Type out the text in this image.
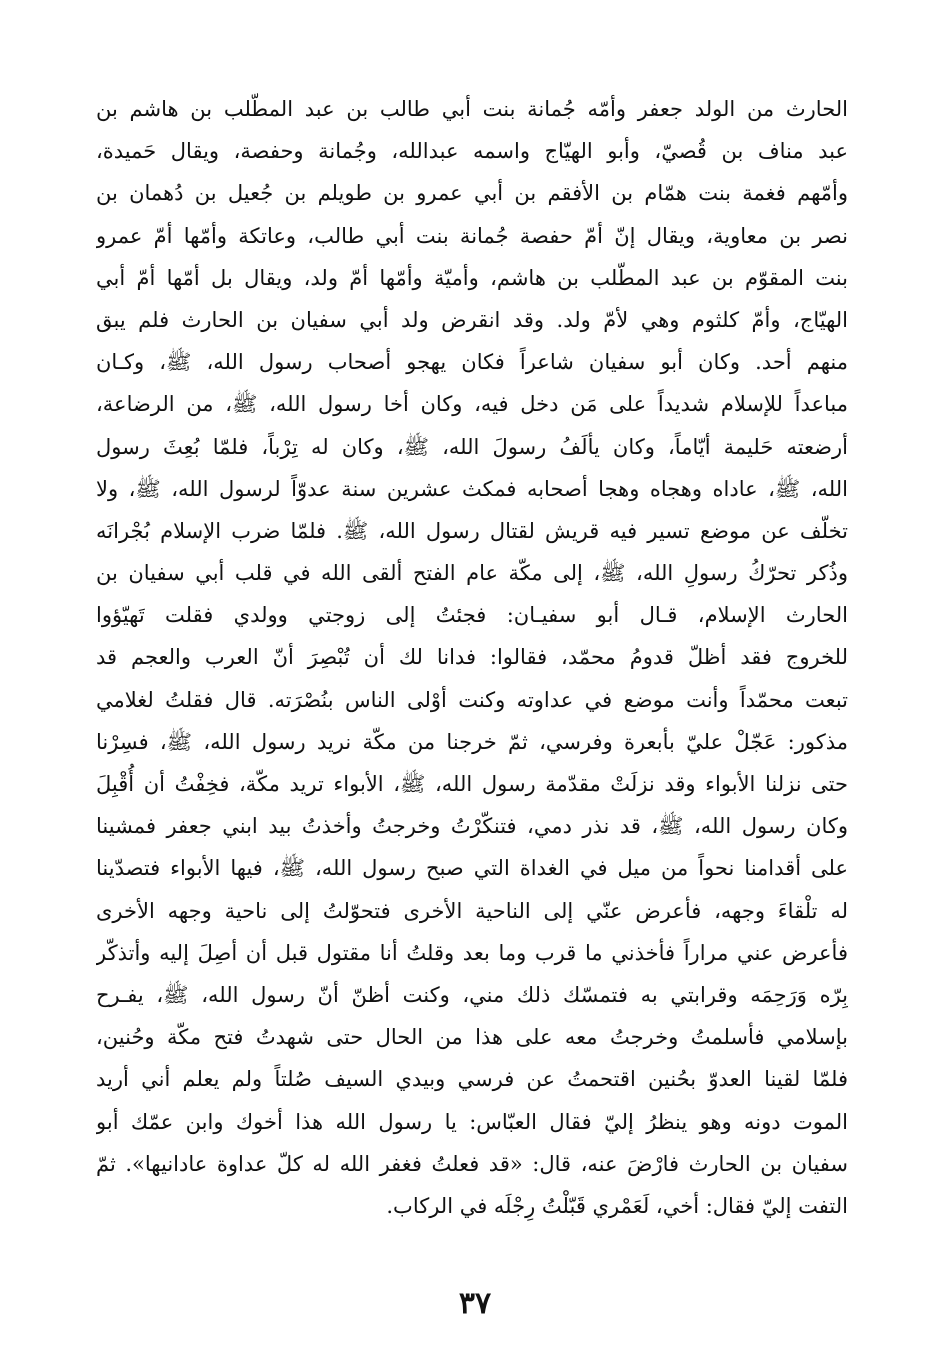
الحارث من الولد جعفر وأمّه جُمانة بنت أبي طالب بن عبد المطّلب بن هاشم بن
عبد مناف بن قُصيّ، وأبو الهيّاج واسمه عبدالله، وجُمانة وحفصة، ويقال حَميدة،
وأمّهم فغمة بنت همّام بن الأفقم بن أبي عمرو بن طويلم بن جُعيل بن دُهمان بن
نصر بن معاوية، ويقال إنّ أمّ حفصة جُمانة بنت أبي طالب، وعاتكة وأمّها أمّ عمرو
بنت المقوّم بن عبد المطّلب بن هاشم، وأميّة وأمّها أمّ ولد، ويقال بل أمّها أمّ أبي
الهيّاج، وأمّ كلثوم وهي لأمّ ولد. وقد انقرض ولد أبي سفيان بن الحارث فلم يبق
منهم أحد. وكان أبو سفيان شاعراً فكان يهجو أصحاب رسول الله، ﷺ، وكـان
مباعداً للإسلام شديداً على مَن دخل فيه، وكان أخا رسول الله، ﷺ، من الرضاعة،
أرضعته حَليمة أيّاماً، وكان يألَفُ رسولَ الله، ﷺ، وكان له تِرْباً، فلمّا بُعِثَ رسول
الله، ﷺ، عاداه وهجاه وهجا أصحابه فمكث عشرين سنة عدوّاً لرسول الله، ﷺ، ولا
تخلّف عن موضع تسير فيه قريش لقتال رسول الله، ﷺ. فلمّا ضرب الإسلام بُجْرانَه
وذُكر تحرّكُ رسولِ الله، ﷺ، إلى مكّة عام الفتح ألقى الله في قلب أبي سفيان بن
الحارث الإسلام، قـال أبو سفيـان: فجئتُ إلى زوجتي وولدي فقلت تَهيّؤوا
للخروج فقد أظلّ قدومُ محمّد، فقالوا: فدانا لك أن تُبْصِرَ أنّ العرب والعجم قد
تبعت محمّداً وأنت موضع في عداوته وكنت أوْلى الناس بنُصْرَته. قال فقلتُ لغلامي
مذكور: عَجّلْ عليّ بأبعرة وفرسي، ثمّ خرجنا من مكّة نريد رسول الله، ﷺ، فسِرْنا
حتى نزلنا الأبواء وقد نزلَتْ مقدّمة رسول الله، ﷺ، الأبواء تريد مكّة، فخِفْتُ أن أُقْبِلَ
وكان رسول الله، ﷺ، قد نذر دمي، فتنكّرْتُ وخرجتُ وأخذتُ بيد ابني جعفر فمشينا
على أقدامنا نحواً من ميل في الغداة التي صبح رسول الله، ﷺ، فيها الأبواء فتصدّينا
له تلْقاءَ وجهه، فأعرض عنّي إلى الناحية الأخرى فتحوّلتُ إلى ناحية وجهه الأخرى
فأعرض عني مراراً فأخذني ما قرب وما بعد وقلتُ أنا مقتول قبل أن أصِلَ إليه وأتذكّر
بِرّه وَرَحِمَه وقرابتي به فتمسّك ذلك مني، وكنت أظنّ أنّ رسول الله، ﷺ، يفـرح
بإسلامي فأسلمتُ وخرجتُ معه على هذا من الحال حتى شهدتُ فتح مكّة وحُنين،
فلمّا لقينا العدوّ بحُنين اقتحمتُ عن فرسي وبيدي السيف صُلتاً ولم يعلم أني أريد
الموت دونه وهو ينظرُ إليّ فقال العبّاس: يا رسول الله هذا أخوك وابن عمّك أبو
سفيان بن الحارث فارْضَ عنه، قال: «قد فعلتُ فغفر الله له كلّ عداوة عادانيها». ثمّ
التفت إليّ فقال: أخي، لَعَمْري قَبّلْتُ رِجْلَه في الركاب.
٣٧
